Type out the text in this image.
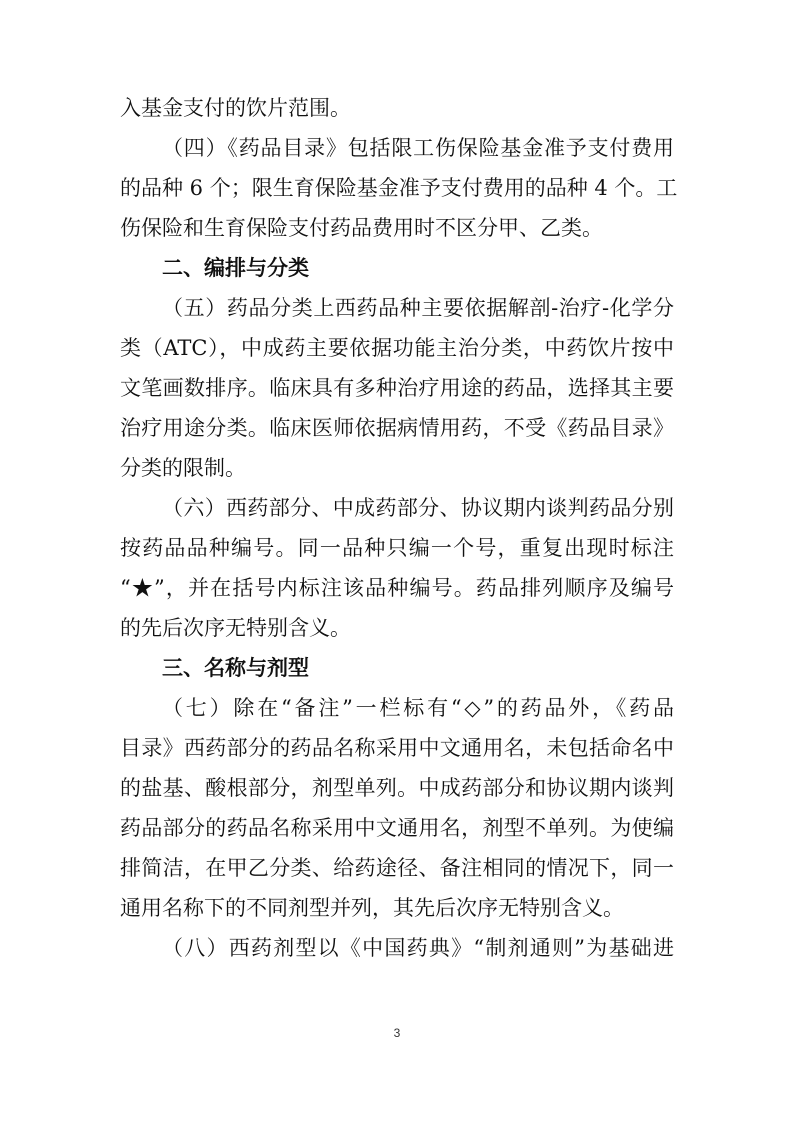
入基金支付的饮片范围。

（四）《药品目录》包括限工伤保险基金准予支付费用

的品种 6 个；限生育保险基金准予支付费用的品种 4 个。工

伤保险和生育保险支付药品费用时不区分甲、乙类。

二、编排与分类

（五）药品分类上西药品种主要依据解剖-治疗-化学分

类（ATC），中成药主要依据功能主治分类，中药饮片按中

文笔画数排序。临床具有多种治疗用途的药品，选择其主要

治疗用途分类。临床医师依据病情用药，不受《药品目录》

分类的限制。

（六）西药部分、中成药部分、协议期内谈判药品分别

按药品品种编号。同一品种只编一个号，重复出现时标注

“★”，并在括号内标注该品种编号。药品排列顺序及编号

的先后次序无特别含义。

三、名称与剂型

（七）除在“备注”一栏标有“◇”的药品外，《药品

目录》西药部分的药品名称采用中文通用名，未包括命名中

的盐基、酸根部分，剂型单列。中成药部分和协议期内谈判

药品部分的药品名称采用中文通用名，剂型不单列。为使编

排简洁，在甲乙分类、给药途径、备注相同的情况下，同一

通用名称下的不同剂型并列，其先后次序无特别含义。

（八）西药剂型以《中国药典》“制剂通则”为基础进

3
